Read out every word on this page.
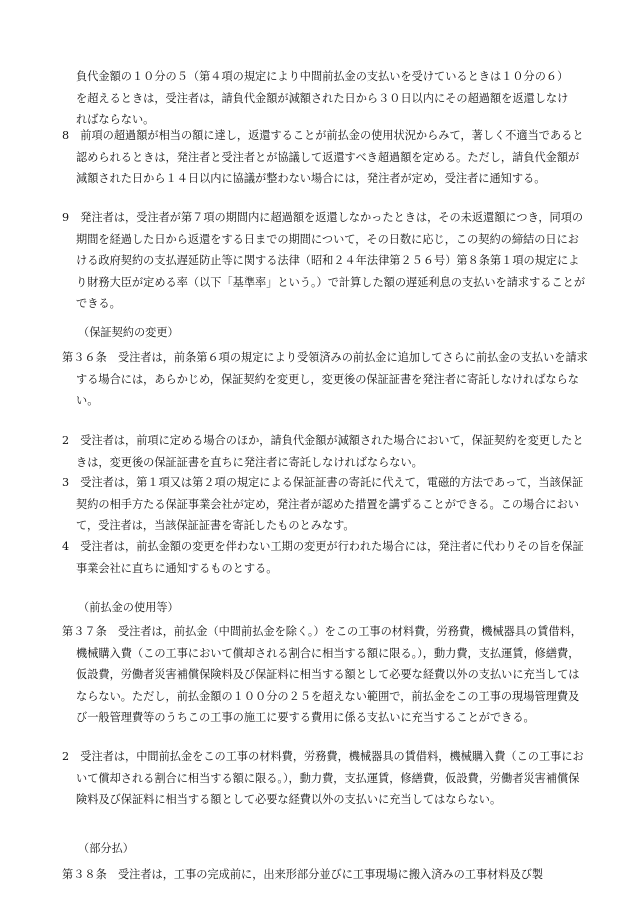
負代金額の１０分の５（第４項の規定により中間前払金の支払いを受けているときは１０分の６）を超えるときは，受注者は，請負代金額が減額された日から３０日以内にその超過額を返還しなければならない。
8　前項の超過額が相当の額に達し，返還することが前払金の使用状況からみて，著しく不適当であると認められるときは，発注者と受注者とが協議して返還すべき超過額を定める。ただし，請負代金額が減額された日から１４日以内に協議が整わない場合には，発注者が定め，受注者に通知する。
9　発注者は，受注者が第７項の期間内に超過額を返還しなかったときは，その未返還額につき，同項の期間を経過した日から返還をする日までの期間について，その日数に応じ，この契約の締結の日における政府契約の支払遅延防止等に関する法律（昭和２４年法律第２５６号）第８条第１項の規定により財務大臣が定める率（以下「基準率」という。）で計算した額の遅延利息の支払いを請求することができる。
（保証契約の変更）
第３６条　受注者は，前条第６項の規定により受領済みの前払金に追加してさらに前払金の支払いを請求する場合には，あらかじめ，保証契約を変更し，変更後の保証証書を発注者に寄託しなければならない。
2　受注者は，前項に定める場合のほか，請負代金額が減額された場合において，保証契約を変更したときは，変更後の保証証書を直ちに発注者に寄託しなければならない。
3　受注者は，第１項又は第２項の規定による保証証書の寄託に代えて，電磁的方法であって，当該保証契約の相手方たる保証事業会社が定め，発注者が認めた措置を講ずることができる。この場合において，受注者は，当該保証証書を寄託したものとみなす。
4　受注者は，前払金額の変更を伴わない工期の変更が行われた場合には，発注者に代わりその旨を保証事業会社に直ちに通知するものとする。
（前払金の使用等）
第３７条　受注者は，前払金（中間前払金を除く。）をこの工事の材料費，労務費，機械器具の賃借料，機械購入費（この工事において償却される割合に相当する額に限る。），動力費，支払運賃，修繕費，仮設費，労働者災害補償保険料及び保証料に相当する額として必要な経費以外の支払いに充当してはならない。ただし，前払金額の１００分の２５を超えない範囲で，前払金をこの工事の現場管理費及び一般管理費等のうちこの工事の施工に要する費用に係る支払いに充当することができる。
2　受注者は，中間前払金をこの工事の材料費，労務費，機械器具の賃借料，機械購入費（この工事において償却される割合に相当する額に限る。），動力費，支払運賃，修繕費，仮設費，労働者災害補償保険料及び保証料に相当する額として必要な経費以外の支払いに充当してはならない。
（部分払）
第３８条　受注者は，工事の完成前に，出来形部分並びに工事現場に搬入済みの工事材料及び製
